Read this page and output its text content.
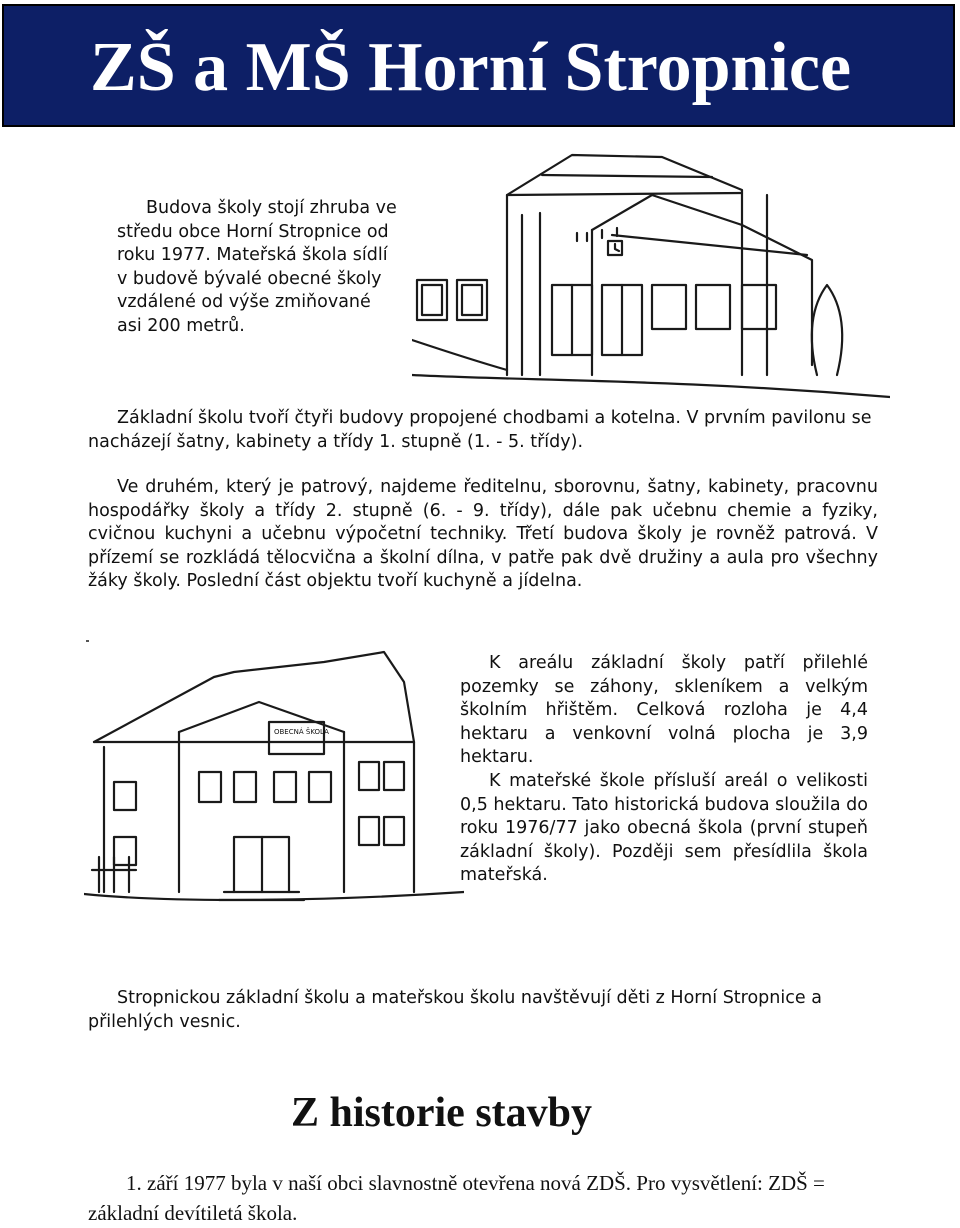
ZŠ a MŠ Horní Stropnice

Budova školy stojí zhruba ve středu obce Horní Stropnice od roku 1977. Mateřská škola sídlí v budově bývalé obecné školy vzdálené od výše zmiňované asi 200 metrů.

Základní školu tvoří čtyři budovy propojené chodbami a kotelna. V prvním pavilonu se nacházejí šatny, kabinety a třídy 1. stupně (1. - 5. třídy).

Ve druhém, který je patrový, najdeme ředitelnu, sborovnu, šatny, kabinety, pracovnu hospodářky školy a třídy 2. stupně (6. - 9. třídy), dále pak učebnu chemie a fyziky, cvičnou kuchyni a učebnu výpočetní techniky. Třetí budova školy je rovněž patrová. V přízemí se rozkládá tělocvična a školní dílna, v patře pak dvě družiny a aula pro všechny žáky školy. Poslední část objektu tvoří kuchyně a jídelna.

OBECNÁ ŠKOLA

K areálu základní školy patří přilehlé pozemky se záhony, skleníkem a velkým školním hřištěm. Celková rozloha je 4,4 hektaru a venkovní volná plocha je 3,9 hektaru.

K mateřské škole přísluší areál o velikosti 0,5 hektaru. Tato historická budova sloužila do roku 1976/77 jako obecná škola (první stupeň základní školy). Později sem přesídlila škola mateřská.

Stropnickou základní školu a mateřskou školu navštěvují děti z Horní Stropnice a přilehlých vesnic.

Z historie stavby

1. září 1977 byla v naší obci slavnostně otevřena nová ZDŠ. Pro vysvětlení: ZDŠ = základní devítiletá škola.
